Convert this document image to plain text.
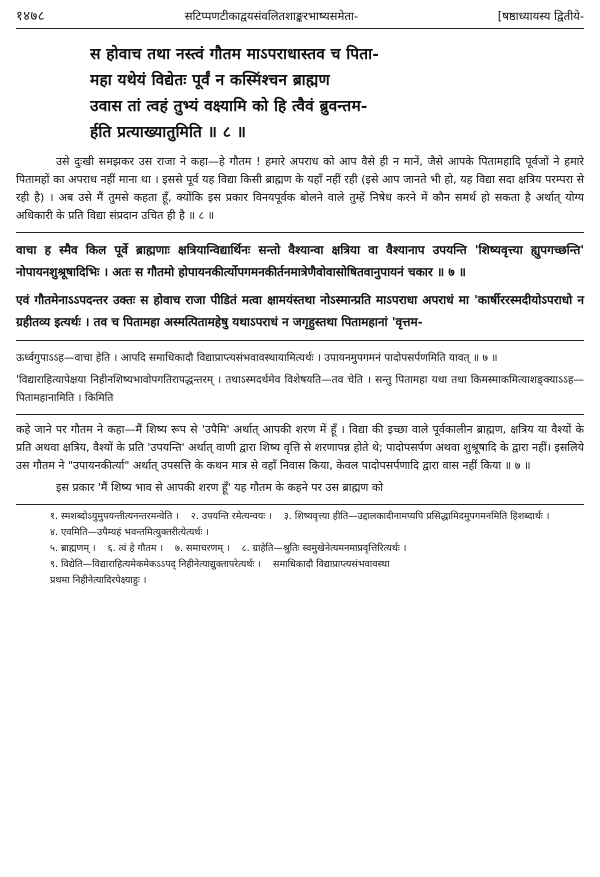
१४७८	सटिप्पणटीकाद्वयसंवलितशाङ्करभाष्यसमेता-	[षष्ठाध्यायस्य द्वितीये-
स होवाच तथा नस्त्वं गौतम माऽपराधास्तव च पिता-
महा यथेयं विद्येतः पूर्वं न कस्मिंश्चन ब्राह्मण
उवास तां त्वहं तुभ्यं वक्ष्यामि को हि त्वैवं ब्रुवन्तम-
र्हति प्रत्याख्यातुमिति ॥ ८ ॥

उसे दुःखी समझकर उस राजा ने कहा—हे गौतम ! हमारे अपराध को आप वैसे ही न मानें, जैसे आपके पितामहादि पूर्वजों ने हमारे पितामहों का अपराध नहीं माना था । इससे पूर्व यह विद्या किसी ब्राह्मण के यहाँ नहीं रही (इसे आप जानते भी हो, यह विद्या सदा क्षत्रिय परम्परा से रही है) । अब उसे मैं तुमसे कहता हूँ, क्योंकि इस प्रकार विनयपूर्वक बोलने वाले तुम्हें निषेध करने में कौन समर्थ हो सकता है अर्थात् योग्य अधिकारी के प्रति विद्या संप्रदान उचित ही है ॥ ८ ॥

वाचा ह स्मैव किल पूर्वे ब्राह्मणाः क्षत्रियान्विद्यार्थिनः सन्तो वैश्यान्वा क्षत्रिया वा वैश्यानाप उपयन्ति 'शिष्यवृत्त्या ह्युपगच्छन्ति' नोपायनशुश्रूषादिभिः । अतः स गौतमो होपायनकीर्त्योपगमनकीर्तनमात्रेणैवोवासोषितवानुपायनं चकार ॥ ७ ॥

एवं गौतमेनाऽऽपदन्तर उक्तः स होवाच राजा पीडितं मत्वा क्षामयंस्तथा नोऽस्मान्प्रति माऽपराधा अपराधं मा 'कार्षीररस्मदीयोऽपराधो न ग्रहीतव्य इत्यर्थः । तव च पितामहा अस्मत्पितामहेषु यथाऽपराधं न जगृहुस्तथा पितामहानां 'वृत्तम-

ऊर्ध्वगुपाऽऽह—वाचा हेति । आपदि समाधिकादौ विद्याप्राप्त्यसंभवावस्थायामित्यर्थः । उपायनमुपगमनं पादोपसर्पणमिति यावत् ॥ ७ ॥

'विद्याराहित्यापेक्षया निहीनशिष्यभावोपगतिरापद्धन्तरम् । तथाऽस्मदर्थमेव विशेषयति—तव चेति । सन्तु पितामहा यथा तथा किमस्माकमित्याशङ्क्याऽऽह—पितामहानामिति । किमिति

कहे जाने पर गौतम ने कहा—मैं शिष्य रूप से 'उपैमि' अर्थात् आपकी शरण में हूँ । विद्या की इच्छा वाले पूर्वकालीन ब्राह्मण, क्षत्रिय या वैश्यों के प्रति अथवा क्षत्रिय, वैश्यों के प्रति 'उपयन्ति' अर्थात् वाणी द्वारा शिष्य वृत्ति से शरणापन्न होते थे; पादोपसर्पण अथवा शुश्रूषादि के द्वारा नहीं। इसलिये उस गौतम ने "उपायनकीर्त्या" अर्थात् उपसत्ति के कथन मात्र से वहाँ निवास किया, केवल पादोपसर्पणादि द्वारा वास नहीं किया ॥ ७ ॥

इस प्रकार 'मैं शिष्य भाव से आपकी शरण हूँ' यह गौतम के कहने पर उस ब्राह्मण को

१. स्मशब्दोऽयुमुपयन्तीत्यनन्तरमन्वेति । २. उपयन्ति रमेत्यन्वयः । ३. शिष्यवृत्त्या हीति—उद्दालकादीनामप्यपि प्रसिद्धामिदमुपगमनमिति हिशब्दार्थः ।
४. एवमिति—उपैम्यहं भवन्तमित्युक्तरीत्येत्यर्थः ।
५. ब्राह्मणम् । ६. त्वं हे गौतम । ७. समाचरणम् । ८. ग्राहेति—श्रुतिः स्वमुखेनेत्यमनमाप्रवृत्तिरित्यर्थः ।
९. विद्येति—विद्याराहित्यमेकमेकऽऽपद् निहीनेत्याद्युक्तापरेत्यर्थः । समाधिकादौ विद्याप्राप्त्यसंभवावस्था
प्रथमा निहीनेत्यादिरपेक्ष्याहुः ।
